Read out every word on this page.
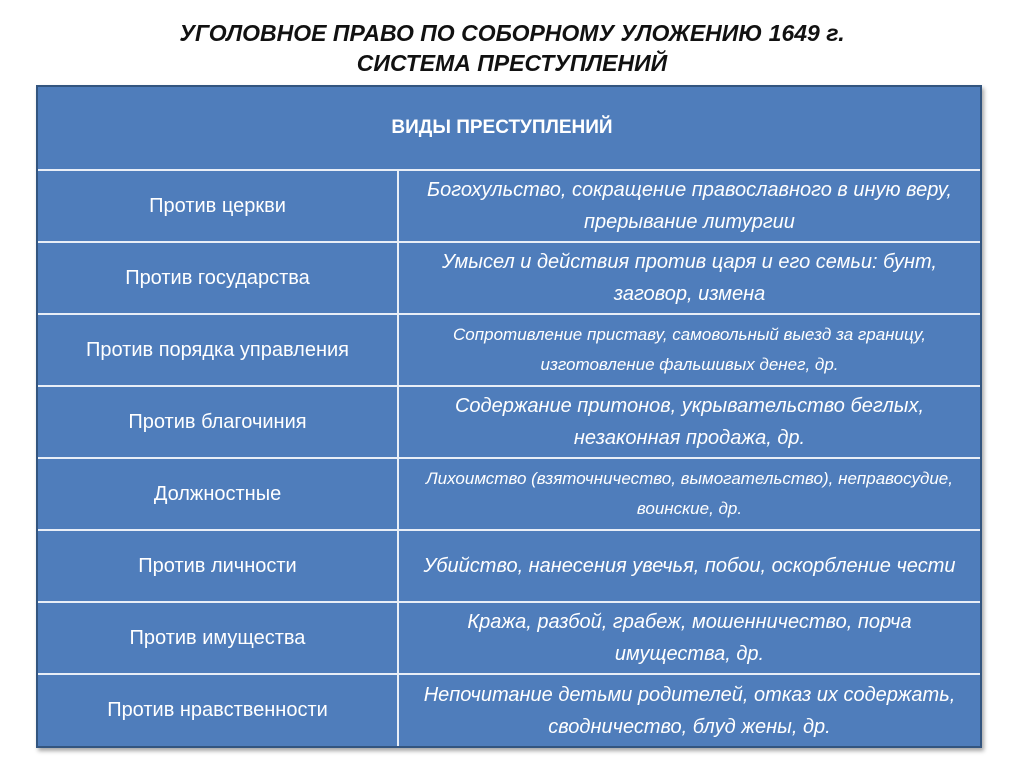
УГОЛОВНОЕ ПРАВО ПО СОБОРНОМУ УЛОЖЕНИЮ 1649 г.
СИСТЕМА ПРЕСТУПЛЕНИЙ
ВИДЫ ПРЕСТУПЛЕНИЙ
Против церкви
Богохульство, сокращение православного в иную веру, прерывание литургии
Против государства
Умысел и действия против царя и его семьи: бунт, заговор, измена
Против порядка управления
Сопротивление приставу, самовольный выезд за границу, изготовление фальшивых денег, др.
Против благочиния
Содержание притонов, укрывательство беглых, незаконная продажа, др.
Должностные
Лихоимство (взяточничество, вымогательство), неправосудие, воинские, др.
Против личности	Убийство, нанесения увечья, побои, оскорбление чести
Против имущества
Кража, разбой, грабеж, мошенничество, порча имущества, др.
Против нравственности
Непочитание детьми родителей, отказ их содержать, сводничество, блуд жены, др.
